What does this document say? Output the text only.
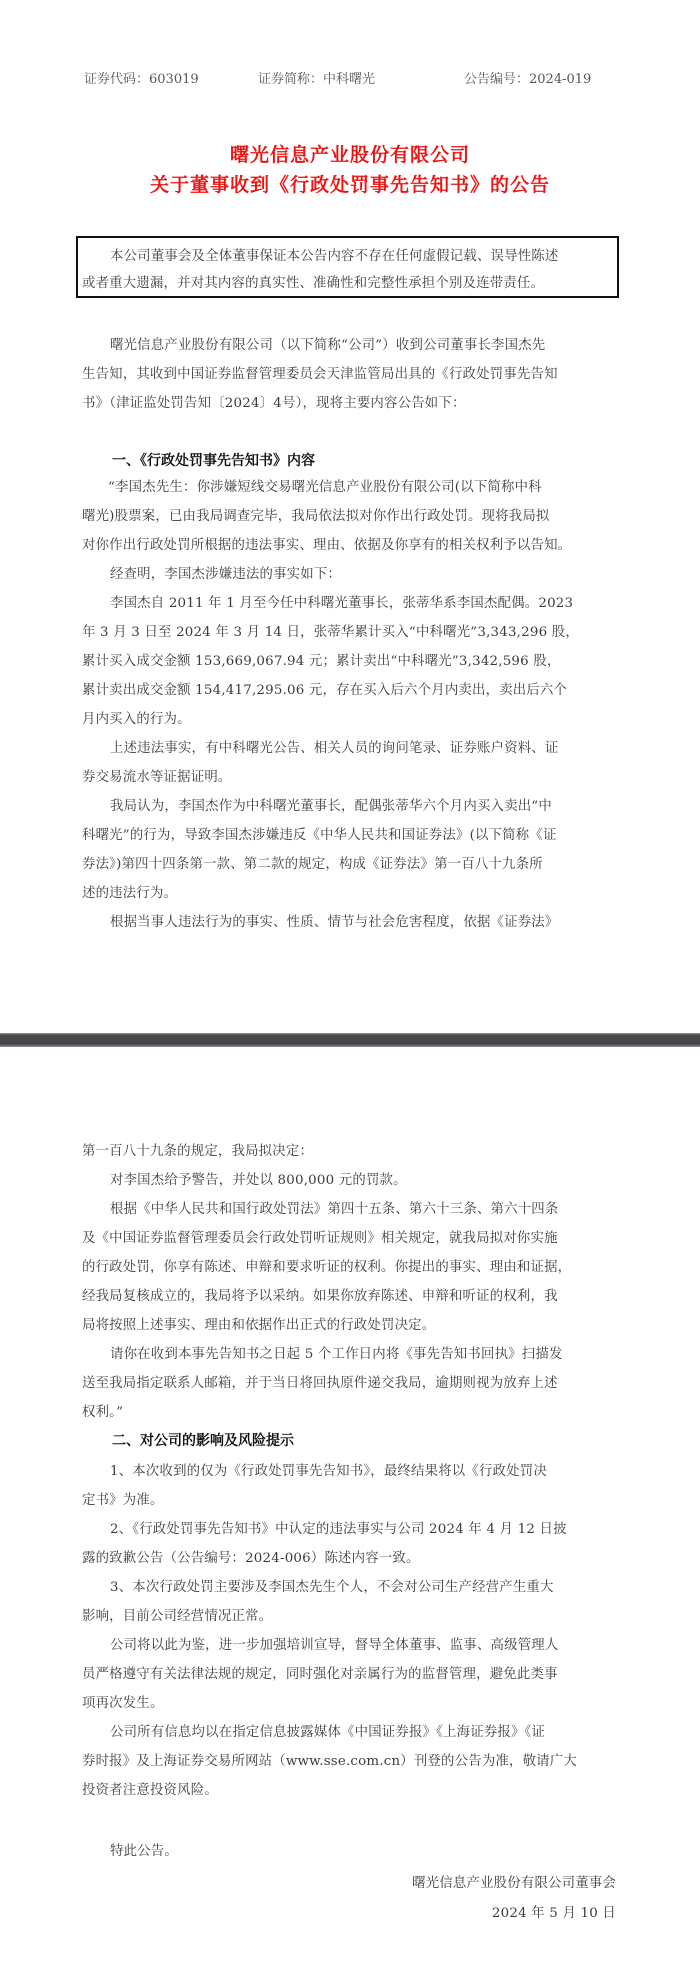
证券代码：603019	证券简称：中科曙光	公告编号：2024-019
曙光信息产业股份有限公司
关于董事收到《行政处罚事先告知书》的公告
本公司董事会及全体董事保证本公告内容不存在任何虚假记载、误导性陈述
或者重大遗漏，并对其内容的真实性、准确性和完整性承担个别及连带责任。
曙光信息产业股份有限公司（以下简称“公司”）收到公司董事长李国杰先
生告知，其收到中国证券监督管理委员会天津监管局出具的《行政处罚事先告知
书》（津证监处罚告知〔2024〕4号），现将主要内容公告如下：
一、《行政处罚事先告知书》内容
“李国杰先生：你涉嫌短线交易曙光信息产业股份有限公司(以下简称中科
曙光)股票案，已由我局调查完毕，我局依法拟对你作出行政处罚。现将我局拟
对你作出行政处罚所根据的违法事实、理由、依据及你享有的相关权利予以告知。
经查明，李国杰涉嫌违法的事实如下：
李国杰自 2011 年 1 月至今任中科曙光董事长，张蒂华系李国杰配偶。2023
年 3 月 3 日至 2024 年 3 月 14 日，张蒂华累计买入“中科曙光”3,343,296 股，
累计买入成交金额 153,669,067.94 元；累计卖出“中科曙光”3,342,596 股，
累计卖出成交金额 154,417,295.06 元，存在买入后六个月内卖出，卖出后六个
月内买入的行为。
上述违法事实，有中科曙光公告、相关人员的询问笔录、证券账户资料、证
券交易流水等证据证明。
我局认为，李国杰作为中科曙光董事长，配偶张蒂华六个月内买入卖出“中
科曙光”的行为，导致李国杰涉嫌违反《中华人民共和国证券法》(以下简称《证
券法》)第四十四条第一款、第二款的规定，构成《证券法》第一百八十九条所
述的违法行为。
根据当事人违法行为的事实、性质、情节与社会危害程度，依据《证券法》
第一百八十九条的规定，我局拟决定：
对李国杰给予警告，并处以 800,000 元的罚款。
根据《中华人民共和国行政处罚法》第四十五条、第六十三条、第六十四条
及《中国证券监督管理委员会行政处罚听证规则》相关规定，就我局拟对你实施
的行政处罚，你享有陈述、申辩和要求听证的权利。你提出的事实、理由和证据，
经我局复核成立的，我局将予以采纳。如果你放弃陈述、申辩和听证的权利，我
局将按照上述事实、理由和依据作出正式的行政处罚决定。
请你在收到本事先告知书之日起 5 个工作日内将《事先告知书回执》扫描发
送至我局指定联系人邮箱，并于当日将回执原件递交我局，逾期则视为放弃上述
权利。”
二、对公司的影响及风险提示
1、本次收到的仅为《行政处罚事先告知书》，最终结果将以《行政处罚决
定书》为准。
2、《行政处罚事先告知书》中认定的违法事实与公司 2024 年 4 月 12 日披
露的致歉公告（公告编号：2024-006）陈述内容一致。
3、本次行政处罚主要涉及李国杰先生个人，不会对公司生产经营产生重大
影响，目前公司经营情况正常。
公司将以此为鉴，进一步加强培训宣导，督导全体董事、监事、高级管理人
员严格遵守有关法律法规的规定，同时强化对亲属行为的监督管理，避免此类事
项再次发生。
公司所有信息均以在指定信息披露媒体《中国证券报》《上海证券报》《证
券时报》及上海证券交易所网站（www.sse.com.cn）刊登的公告为准，敬请广大
投资者注意投资风险。
特此公告。
曙光信息产业股份有限公司董事会
2024 年 5 月 10 日
